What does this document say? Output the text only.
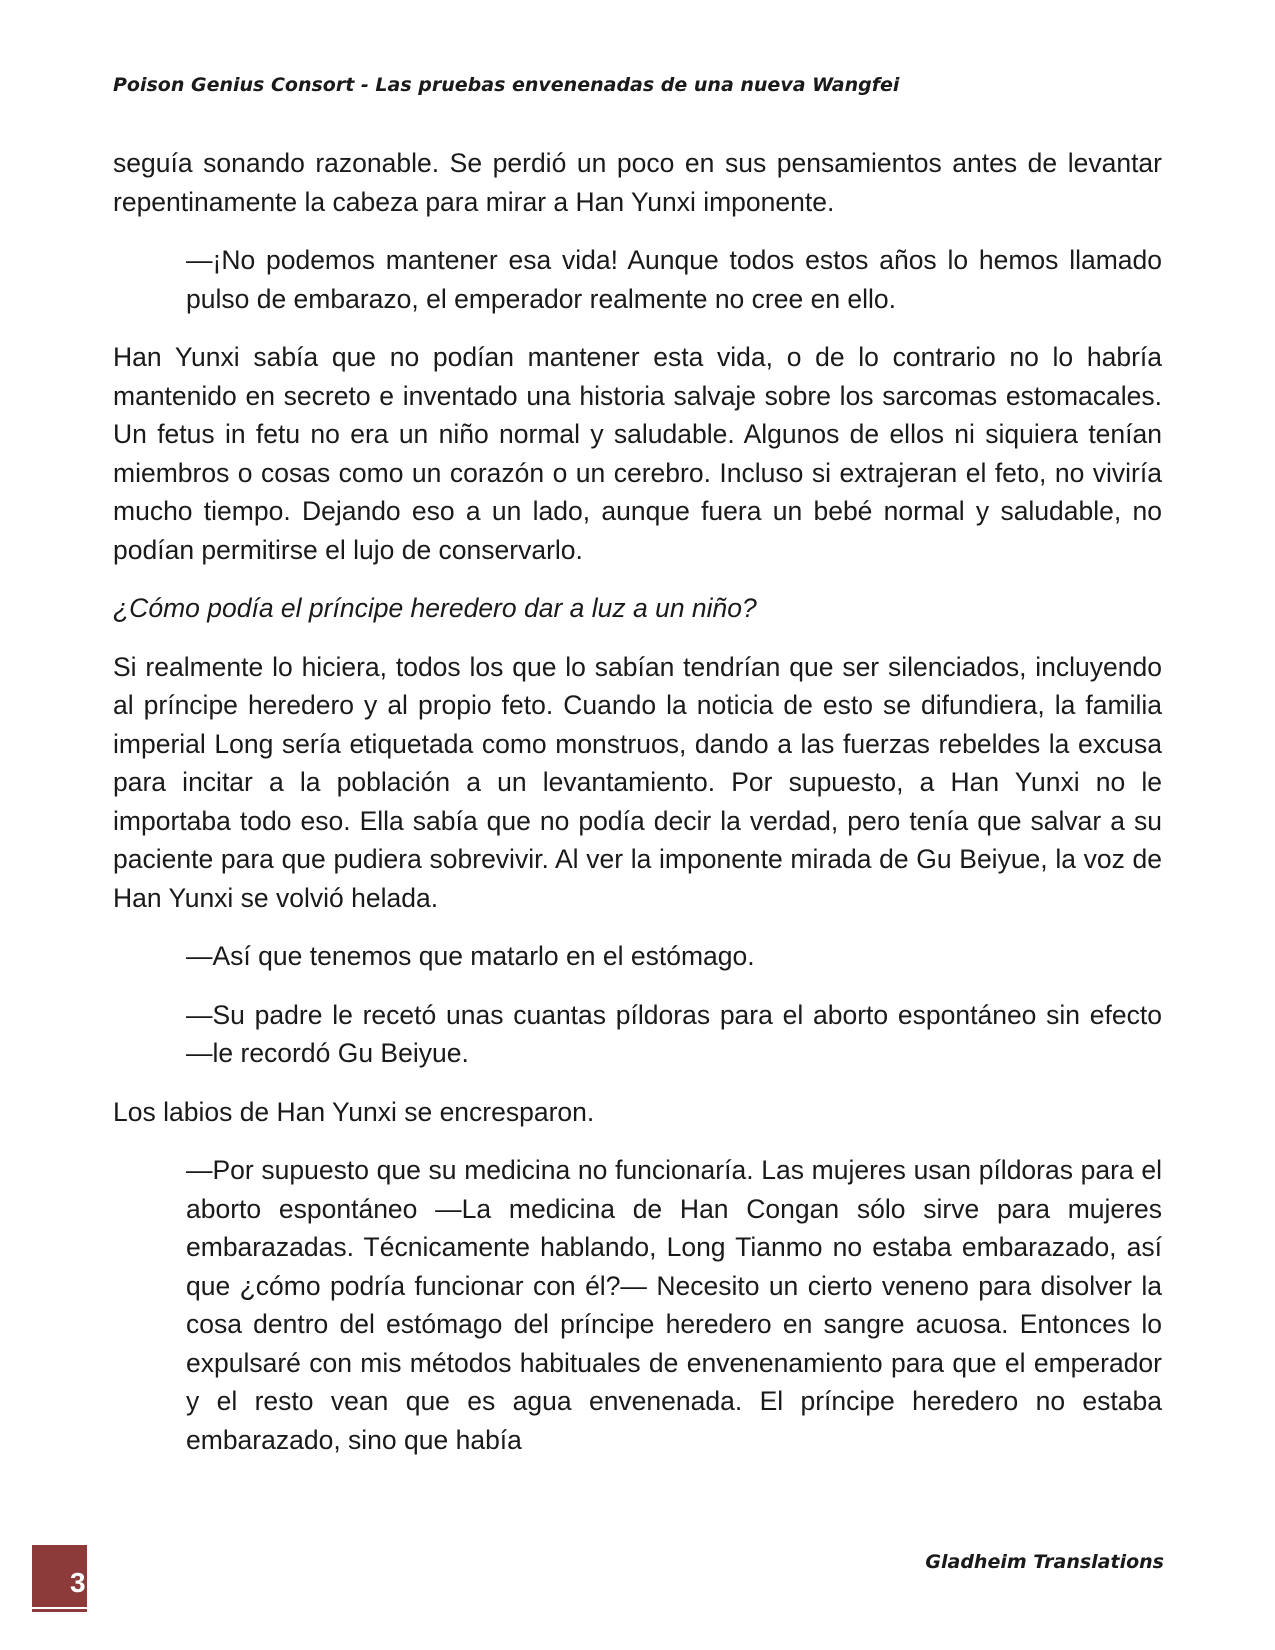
Poison Genius Consort - Las pruebas envenenadas de una nueva Wangfei

seguía sonando razonable. Se perdió un poco en sus pensamientos antes de levantar repentinamente la cabeza para mirar a Han Yunxi imponente.

—¡No podemos mantener esa vida! Aunque todos estos años lo hemos llamado pulso de embarazo, el emperador realmente no cree en ello.

Han Yunxi sabía que no podían mantener esta vida, o de lo contrario no lo habría mantenido en secreto e inventado una historia salvaje sobre los sarcomas estomacales. Un fetus in fetu no era un niño normal y saludable. Algunos de ellos ni siquiera tenían miembros o cosas como un corazón o un cerebro. Incluso si extrajeran el feto, no viviría mucho tiempo. Dejando eso a un lado, aunque fuera un bebé normal y saludable, no podían permitirse el lujo de conservarlo.

¿Cómo podía el príncipe heredero dar a luz a un niño?

Si realmente lo hiciera, todos los que lo sabían tendrían que ser silenciados, incluyendo al príncipe heredero y al propio feto. Cuando la noticia de esto se difundiera, la familia imperial Long sería etiquetada como monstruos, dando a las fuerzas rebeldes la excusa para incitar a la población a un levantamiento. Por supuesto, a Han Yunxi no le importaba todo eso. Ella sabía que no podía decir la verdad, pero tenía que salvar a su paciente para que pudiera sobrevivir. Al ver la imponente mirada de Gu Beiyue, la voz de Han Yunxi se volvió helada.

—Así que tenemos que matarlo en el estómago.

—Su padre le recetó unas cuantas píldoras para el aborto espontáneo sin efecto —le recordó Gu Beiyue.

Los labios de Han Yunxi se encresparon.

—Por supuesto que su medicina no funcionaría. Las mujeres usan píldoras para el aborto espontáneo —La medicina de Han Congan sólo sirve para mujeres embarazadas. Técnicamente hablando, Long Tianmo no estaba embarazado, así que ¿cómo podría funcionar con él?— Necesito un cierto veneno para disolver la cosa dentro del estómago del príncipe heredero en sangre acuosa. Entonces lo expulsaré con mis métodos habituales de envenenamiento para que el emperador y el resto vean que es agua envenenada. El príncipe heredero no estaba embarazado, sino que había

3
Gladheim Translations
